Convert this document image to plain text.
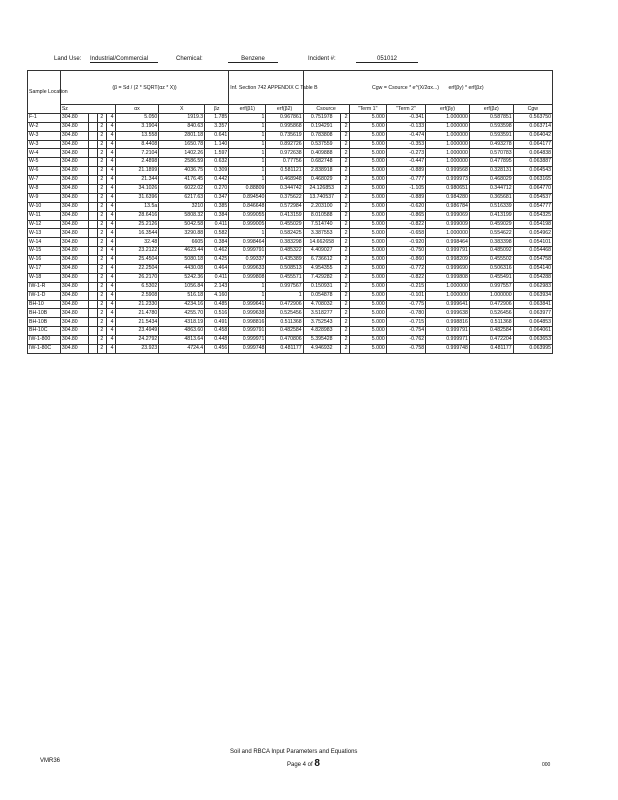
Land Use: Industrial/Commercial	Chemical:	Benzene	Incident #:	051012
Sample Location	(β = Sd / (2 * SQRT(αz * X))							Inf. Section 742 APPENDIX C Table B		Cgw = Csource * e^(X/2αx...) erf(βy) * erf(βz)						
	Sz				αx	X	βz	erf(β1)	erf(β2)	Csource		"Term 1"	"Term 2"	erf(βy)	erf(βz)	Cgw
F-1	304.80		2	4	5.050	1919.3	1.785	1	0.967861	0.751978	2	5.000	-0.341	1.000000	0.587851	0.563750
W-2	304.80		2	4	3.1904	840.63	3.357	1	0.995868	0.194291	2	5.000	-0.133	1.000000	0.593598	0.063714
W-3	304.80		2	4	13.558	2801.18	0.641	1	0.735619	0.783808	2	5.000	-0.474	1.000000	0.593591	0.064042
W-3	304.80		2	4	8.4408	1650.78	1.140	1	0.892726	0.537559	2	5.000	-0.353	1.000000	0.493278	0.064177
W-4	304.80		2	4	7.2104	1402.26	1.597	1	0.972638	0.409888	2	5.000	-0.273	1.000000	0.570783	0.064838
W-5	304.80		2	4	2.4898	2586.59	0.632	1	0.77756	0.682748	2	5.000	-0.447	1.000000	0.477895	0.063887
W-6	304.80		2	4	21.1899	4036.75	0.309	1	0.581121	2.838918	2	5.000	-0.889	0.999568	0.328131	0.064543
W-7	304.80		2	4	21.344	4176.45	0.442	1	0.468948	0.468029	2	5.000	-0.777	0.999973	0.468029	0.063165
W-8	304.80		2	4	34.1026	6022.02	0.270	0.88809	0.344742	24.126853	2	5.000	-1.105	0.980651	0.344712	0.064770
W-9	304.80		2	4	31.6396	6217.63	0.347	0.894540	0.375622	13.740537	2	5.000	-0.889	0.984280	0.365681	0.054537
W-10	304.80		2	4	13.5a	3210	0.385	0.846648	0.572984	2.203100	2	5.000	-0.620	0.986784	0.516339	0.054777
W-11	304.80		2	4	28.6416	5808.32	0.384	0.999055	0.413159	8.010588	2	5.000	-0.865	0.999069	0.413199	0.054325
W-12	304.80		2	4	25.2126	5042.58	0.411	0.999005	0.455029	7.514740	2	5.000	-0.822	0.999009	0.459029	0.054198
W-13	304.80		2	4	16.3544	3290.88	0.582	1	0.582425	3.387553	2	5.000	-0.658	1.000000	0.554622	0.054962
W-14	304.80		2	4	32.48	6605	0.384	0.998464	0.383298	14.662658	2	5.000	-0.920	0.998464	0.383398	0.054101
W-15	304.80		2	4	23.2122	4623.44	0.462	0.999791	0.485322	4.409027	2	5.000	-0.750	0.999791	0.485092	0.054468
W-16	304.80		2	4	25.4504	5080.18	0.425	0.99337	0.435389	6.736612	2	5.000	-0.860	0.998209	0.455502	0.054758
W-17	304.80		2	4	22.2504	4430.08	0.464	0.999633	0.508513	4.954355	2	5.000	-0.772	0.999690	0.506316	0.054140
W-18	304.80		2	4	26.2170	5242.36	0.411	0.999808	0.455571	7.429282	2	5.000	-0.822	0.999808	0.455491	0.054288
IW-1-R	304.80		2	4	6.5302	1056.84	2.143	1	0.997567	0.150931	2	5.000	-0.215	1.000000	0.997557	0.062983
IW-1-D	304.80		2	4	2.5908	516.18	4.160	1	1	0.054878	2	5.000	-0.101	1.000000	1.000000	0.063934
BH-10	304.80		2	4	21.2330	4234.16	0.485	0.999641	0.472906	4.708032	2	5.000	-0.775	0.999641	0.472906	0.063841
BH-10B	304.80		2	4	21.4780	4255.70	0.516	0.999638	0.525456	3.518277	2	5.000	-0.780	0.999638	0.526456	0.063977
BH-10B	304.80		2	4	21.5434	4318.19	0.491	0.998816	0.511368	3.752543	2	5.000	-0.715	0.998816	0.511368	0.064853
BH-10C	304.80		2	4	23.4949	4863.60	0.458	0.999791	0.482584	4.828983	2	5.000	-0.754	0.999791	0.482584	0.064061
IW-1-800	304.80		2	4	24.2792	4813.64	0.448	0.999971	0.470806	5.395428	2	5.000	-0.762	0.999971	0.472204	0.063653
IW-1-80C	304.80		2	4	23.923	4724.4	0.456	0.999748	0.481177	4.946932	2	5.000	-0.758	0.999748	0.481177	0.063995
VMR36
Soil and RBCA Input Parameters and Equations
Page 4 of 8	000
